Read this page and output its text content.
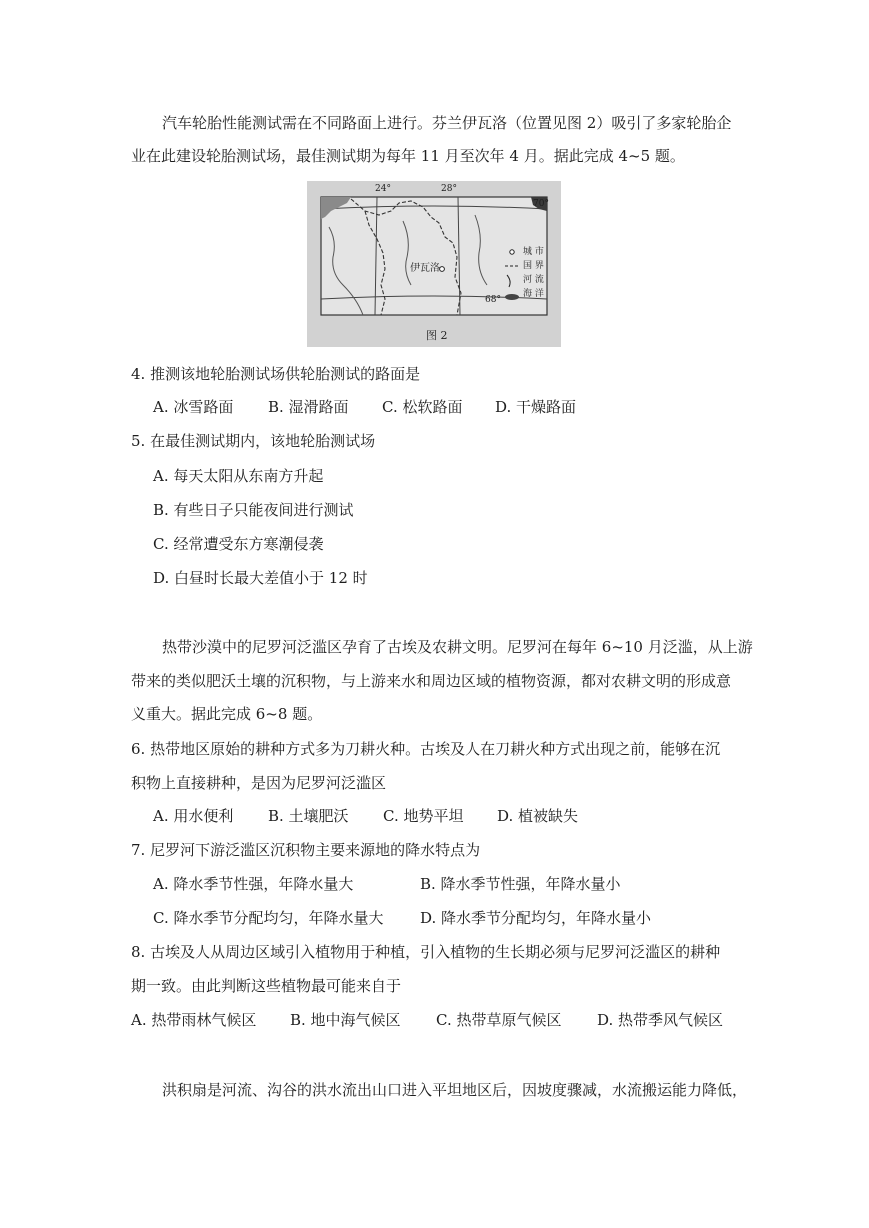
汽车轮胎性能测试需在不同路面上进行。芬兰伊瓦洛（位置见图 2）吸引了多家轮胎企
业在此建设轮胎测试场，最佳测试期为每年 11 月至次年 4 月。据此完成 4~5 题。
24°	28°
70°
68°
伊瓦洛
城 市
国 界
河 流
海 洋
图 2
4. 推测该地轮胎测试场供轮胎测试的路面是
A. 冰雪路面 B. 湿滑路面 C. 松软路面 D. 干燥路面
5. 在最佳测试期内，该地轮胎测试场
A. 每天太阳从东南方升起
B. 有些日子只能夜间进行测试
C. 经常遭受东方寒潮侵袭
D. 白昼时长最大差值小于 12 时
热带沙漠中的尼罗河泛滥区孕育了古埃及农耕文明。尼罗河在每年 6~10 月泛滥，从上游
带来的类似肥沃土壤的沉积物，与上游来水和周边区域的植物资源，都对农耕文明的形成意
义重大。据此完成 6~8 题。
6. 热带地区原始的耕种方式多为刀耕火种。古埃及人在刀耕火种方式出现之前，能够在沉
积物上直接耕种，是因为尼罗河泛滥区
A. 用水便利 B. 土壤肥沃 C. 地势平坦 D. 植被缺失
7. 尼罗河下游泛滥区沉积物主要来源地的降水特点为
A. 降水季节性强，年降水量大	B. 降水季节性强，年降水量小
C. 降水季节分配均匀，年降水量大 D. 降水季节分配均匀，年降水量小
8. 古埃及人从周边区域引入植物用于种植，引入植物的生长期必须与尼罗河泛滥区的耕种
期一致。由此判断这些植物最可能来自于
A. 热带雨林气候区 B. 地中海气候区 C. 热带草原气候区 D. 热带季风气候区
洪积扇是河流、沟谷的洪水流出山口进入平坦地区后，因坡度骤减，水流搬运能力降低，
